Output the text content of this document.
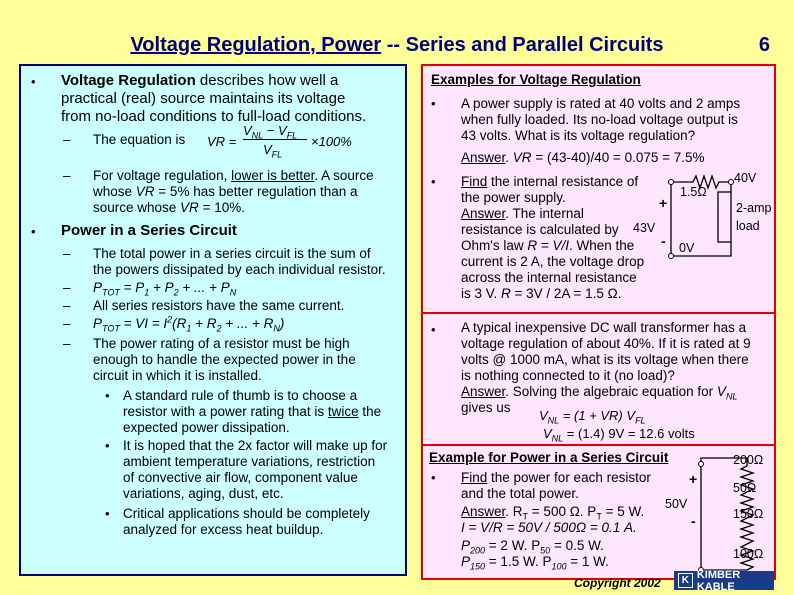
Voltage Regulation, Power -- Series and Parallel Circuits	6
• Voltage Regulation describes how well a
practical (real) source maintains its voltage
from no-load conditions to full-load conditions.
– The equation is VR =
$V_{NL} - V_{FL}$
$V_{FL}$
×100%
– For voltage regulation, lower is better. A source
whose VR = 5% has better regulation than a
source whose VR = 10%.
• Power in a Series Circuit
– The total power in a series circuit is the sum of
the powers dissipated by each individual resistor.
– $P_{TOT} = P_1 + P_2$ + ... + $P_N$
– All series resistors have the same current.
– $P_{TOT}$ = VI = $I^2(R_1 + R_2$ + ... + $R_N$)
– The power rating of a resistor must be high
enough to handle the expected power in the
circuit in which it is installed.
• A standard rule of thumb is to choose a
resistor with a power rating that is twice the
expected power dissipation.
• It is hoped that the 2x factor will make up for
ambient temperature variations, restriction
of convective air flow, component value
variations, aging, dust, etc.
• Critical applications should be completely
analyzed for excess heat buildup.
Examples for Voltage Regulation
• A power supply is rated at 40 volts and 2 amps
when fully loaded. Its no-load voltage output is
43 volts. What is its voltage regulation?
Answer. VR = (43-40)/40 = 0.075 = 7.5%
• Find the internal resistance of
the power supply.
Answer. The internal
resistance is calculated by
Ohm's law R = V/I. When the
current is 2 A, the voltage drop
across the internal resistance
is 3 V. R = 3V / 2A = 1.5 Ω.
1.5Ω
40V
+
43V
- 0V
2-amp
load
• A typical inexpensive DC wall transformer has a
voltage regulation of about 40%. If it is rated at 9
volts @ 1000 mA, what is its voltage when there
is nothing connected to it (no load)?
Answer. Solving the algebraic equation for $V_{NL}$
gives us
$V_{NL} = (1 + VR)$ $V_{FL}$
$V_{NL} = (1.4) 9V = 12.6$ volts
Example for Power in a Series Circuit
• Find the power for each resistor
and the total power.
Answer. $R_T = 500$ Ω. $P_T = 5$ W.
I = V/R = 50V / 500Ω = 0.1 A.
$P_{200} = 2$ W. $P_{50} = 0.5$ W.
$P_{150} = 1.5$ W. $P_{100} = 1$ W.
200Ω
50Ω
150Ω
100Ω
+
50V
-
Copyright 2002	K KIMBER KABLE
